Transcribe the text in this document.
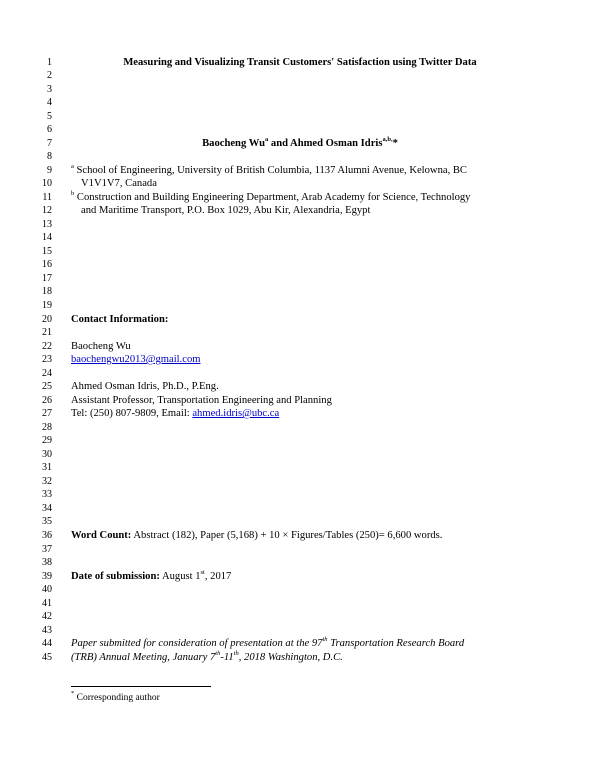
1
2
3
4
5
6
7
8
9
10
11
12
13
14
15
16
17
18
19
20
21
22
23
24
25
26
27
28
29
30
31
32
33
34
35
36
37
38
39
40
41
42
43
44
45
Measuring and Visualizing Transit Customers' Satisfaction using Twitter Data
Baocheng Wu$^a$ and Ahmed Osman Idris$^{a,b,}$*
$^a$ School of Engineering, University of British Columbia, 1137 Alumni Avenue, Kelowna, BC
V1V1V7, Canada
$^b$ Construction and Building Engineering Department, Arab Academy for Science, Technology
and Maritime Transport, P.O. Box 1029, Abu Kir, Alexandria, Egypt
Contact Information:
Baocheng Wu
baochengwu2013@gmail.com
Ahmed Osman Idris, Ph.D., P.Eng.
Assistant Professor, Transportation Engineering and Planning
Tel: (250) 807-9809, Email: ahmed.idris@ubc.ca
Word Count: Abstract (182), Paper (5,168) + 10 × Figures/Tables (250)= 6,600 words.
Date of submission: August 1st, 2017
Paper submitted for consideration of presentation at the 97th Transportation Research Board
(TRB) Annual Meeting, January 7th-11th, 2018 Washington, D.C.
* Corresponding author
